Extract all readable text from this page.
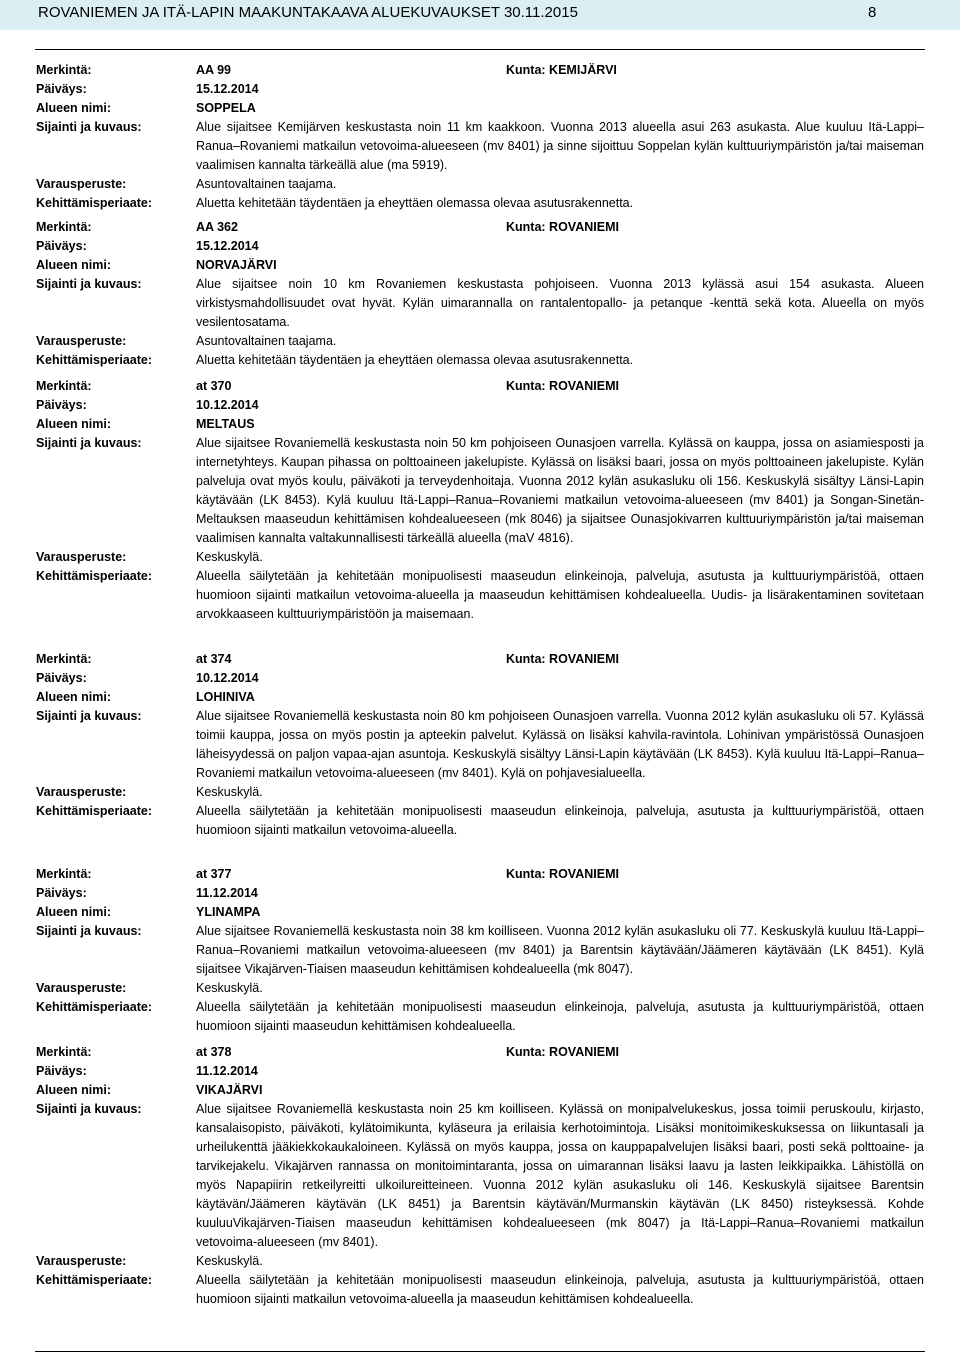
ROVANIEMEN JA ITÄ-LAPIN MAAKUNTAKAAVA ALUEKUVAUKSET 30.11.2015	8
Merkintä:	AA 99	Kunta: KEMIJÄRVI
Päiväys:	15.12.2014
Alueen nimi:	SOPPELA
Sijainti ja kuvaus:	Alue sijaitsee Kemijärven keskustasta noin 11 km kaakkoon. Vuonna 2013 alueella asui 263 asukasta. Alue kuuluu Itä-Lappi–Ranua–Rovaniemi matkailun vetovoima-alueeseen (mv 8401) ja sinne sijoittuu Soppelan kylän kulttuuriympäristön ja/tai maiseman vaalimisen kannalta tärkeällä alue (ma 5919).
Varausperuste:	Asuntovaltainen taajama.
Kehittämisperiaate:	Aluetta kehitetään täydentäen ja eheyttäen olemassa olevaa asutusrakennetta.
Merkintä:	AA 362	Kunta: ROVANIEMI
Päiväys:	15.12.2014
Alueen nimi:	NORVAJÄRVI
Sijainti ja kuvaus:	Alue sijaitsee noin 10 km Rovaniemen keskustasta pohjoiseen. Vuonna 2013 kylässä asui 154 asukasta. Alueen virkistysmahdollisuudet ovat hyvät. Kylän uimarannalla on rantalentopallo- ja petanque -kenttä sekä kota. Alueella on myös vesilentosatama.
Varausperuste:	Asuntovaltainen taajama.
Kehittämisperiaate:	Aluetta kehitetään täydentäen ja eheyttäen olemassa olevaa asutusrakennetta.
Merkintä:	at 370	Kunta: ROVANIEMI
Päiväys:	10.12.2014
Alueen nimi:	MELTAUS
Sijainti ja kuvaus:	Alue sijaitsee Rovaniemellä keskustasta noin 50 km pohjoiseen Ounasjoen varrella. Kylässä on kauppa, jossa on asiamiesposti ja internetyhteys. Kaupan pihassa on polttoaineen jakelupiste. Kylässä on lisäksi baari, jossa on myös polttoaineen jakelupiste. Kylän palveluja ovat myös koulu, päiväkoti ja terveydenhoitaja. Vuonna 2012 kylän asukasluku oli 156. Keskuskylä sisältyy Länsi-Lapin käytävään (LK 8453). Kylä kuuluu Itä-Lappi–Ranua–Rovaniemi matkailun vetovoima-alueeseen (mv 8401) ja Songan-Sinetän-Meltauksen maaseudun kehittämisen kohdealueeseen (mk 8046) ja sijaitsee Ounasjokivarren kulttuuriympäristön ja/tai maiseman vaalimisen kannalta valtakunnallisesti tärkeällä alueella (maV 4816).
Varausperuste:	Keskuskylä.
Kehittämisperiaate:	Alueella säilytetään ja kehitetään monipuolisesti maaseudun elinkeinoja, palveluja, asutusta ja kulttuuriympäristöä, ottaen huomioon sijainti matkailun vetovoima-alueella ja maaseudun kehittämisen kohdealueella. Uudis- ja lisärakentaminen sovitetaan arvokkaaseen kulttuuriympäristöön ja maisemaan.
Merkintä:	at 374	Kunta: ROVANIEMI
Päiväys:	10.12.2014
Alueen nimi:	LOHINIVA
Sijainti ja kuvaus:	Alue sijaitsee Rovaniemellä keskustasta noin 80 km pohjoiseen Ounasjoen varrella. Vuonna 2012 kylän asukasluku oli 57. Kylässä toimii kauppa, jossa on myös postin ja apteekin palvelut. Kylässä on lisäksi kahvila-ravintola. Lohinivan ympäristössä Ounasjoen läheisyydessä on paljon vapaa-ajan asuntoja. Keskuskylä sisältyy Länsi-Lapin käytävään (LK 8453). Kylä kuuluu Itä-Lappi–Ranua–Rovaniemi matkailun vetovoima-alueeseen (mv 8401). Kylä on pohjavesialueella.
Varausperuste:	Keskuskylä.
Kehittämisperiaate:	Alueella säilytetään ja kehitetään monipuolisesti maaseudun elinkeinoja, palveluja, asutusta ja kulttuuriympäristöä, ottaen huomioon sijainti matkailun vetovoima-alueella.
Merkintä:	at 377	Kunta: ROVANIEMI
Päiväys:	11.12.2014
Alueen nimi:	YLINAMPA
Sijainti ja kuvaus:	Alue sijaitsee Rovaniemellä keskustasta noin 38 km koilliseen. Vuonna 2012 kylän asukasluku oli 77. Keskuskylä kuuluu Itä-Lappi–Ranua–Rovaniemi matkailun vetovoima-alueeseen (mv 8401) ja Barentsin käytävään/Jäämeren käytävään (LK 8451). Kylä sijaitsee Vikajärven-Tiaisen maaseudun kehittämisen kohdealueella (mk 8047).
Varausperuste:	Keskuskylä.
Kehittämisperiaate:	Alueella säilytetään ja kehitetään monipuolisesti maaseudun elinkeinoja, palveluja, asutusta ja kulttuuriympäristöä, ottaen huomioon sijainti maaseudun kehittämisen kohdealueella.
Merkintä:	at 378	Kunta: ROVANIEMI
Päiväys:	11.12.2014
Alueen nimi:	VIKAJÄRVI
Sijainti ja kuvaus:	Alue sijaitsee Rovaniemellä keskustasta noin 25 km koilliseen. Kylässä on monipalvelukeskus, jossa toimii peruskoulu, kirjasto, kansalaisopisto, päiväkoti, kylätoimikunta, kyläseura ja erilaisia kerhotoimintoja. Lisäksi monitoimikeskuksessa on liikuntasali ja urheilukenttä jääkiekkokaukaloineen. Kylässä on myös kauppa, jossa on kauppapalvelujen lisäksi baari, posti sekä polttoaine- ja tarvikejakelu. Vikajärven rannassa on monitoimintaranta, jossa on uimarannan lisäksi laavu ja lasten leikkipaikka. Lähistöllä on myös Napapiirin retkeilyreitti ulkoilureitteineen. Vuonna 2012 kylän asukasluku oli 146. Keskuskylä sijaitsee Barentsin käytävän/Jäämeren käytävän (LK 8451) ja Barentsin käytävän/Murmanskin käytävän (LK 8450) risteyksessä. Kohde kuuluuVikajärven-Tiaisen maaseudun kehittämisen kohdealueeseen (mk 8047) ja Itä-Lappi–Ranua–Rovaniemi matkailun vetovoima-alueeseen (mv 8401).
Varausperuste:	Keskuskylä.
Kehittämisperiaate:	Alueella säilytetään ja kehitetään monipuolisesti maaseudun elinkeinoja, palveluja, asutusta ja kulttuuriympäristöä, ottaen huomioon sijainti matkailun vetovoima-alueella ja maaseudun kehittämisen kohdealueella.
